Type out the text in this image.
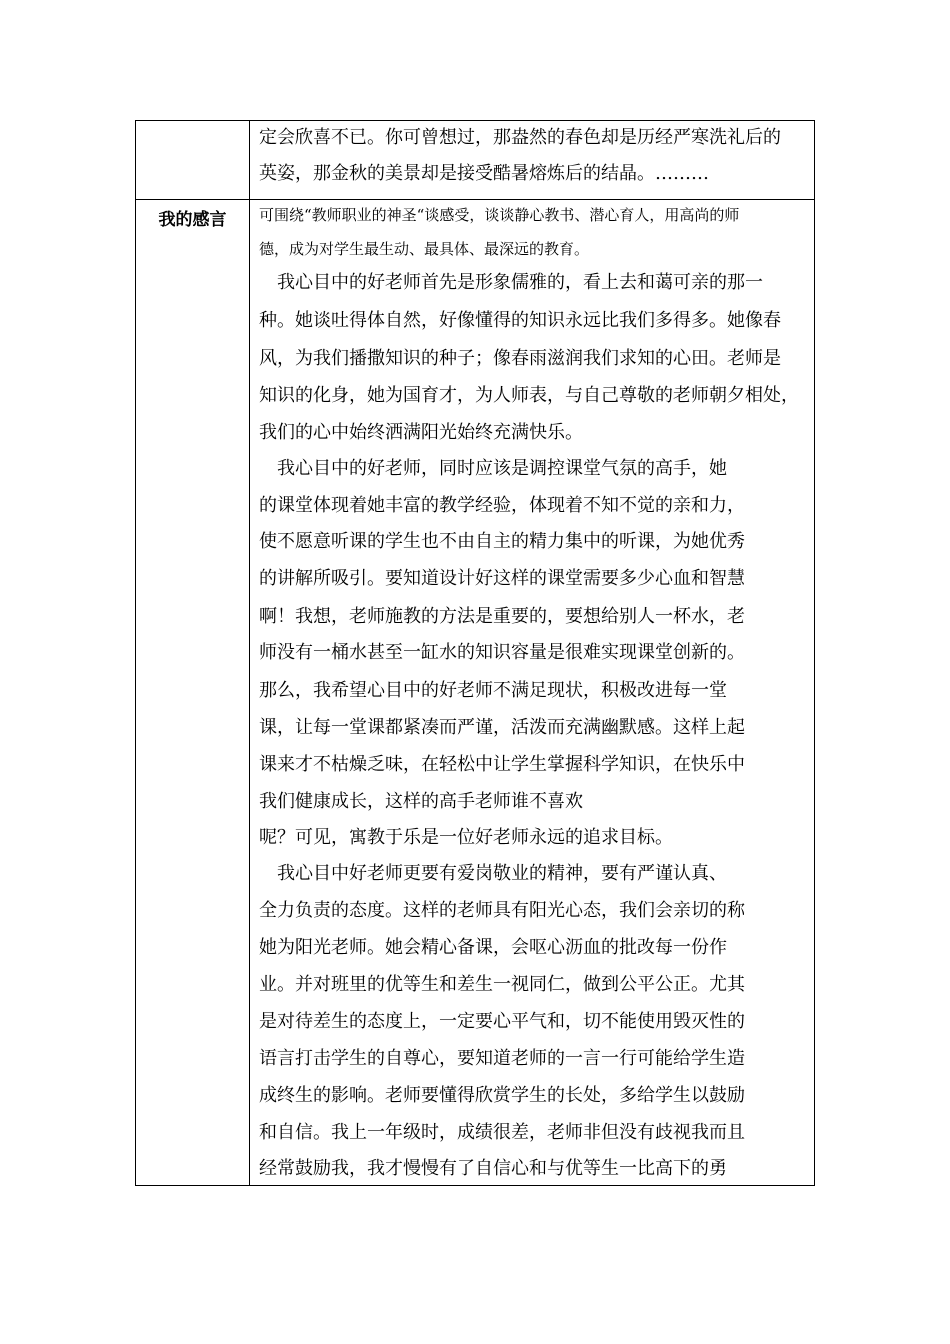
定会欣喜不已。你可曾想过，那盎然的春色却是历经严寒洗礼后的
英姿，那金秋的美景却是接受酷暑熔炼后的结晶。………
我的感言	可围绕“教师职业的神圣“谈感受，谈谈静心教书、潜心育人，用高尚的师
德，成为对学生最生动、最具体、最深远的教育。
　我心目中的好老师首先是形象儒雅的，看上去和蔼可亲的那一
种。她谈吐得体自然，好像懂得的知识永远比我们多得多。她像春
风，为我们播撒知识的种子；像春雨滋润我们求知的心田。老师是
知识的化身，她为国育才，为人师表，与自己尊敬的老师朝夕相处，
我们的心中始终洒满阳光始终充满快乐。
　我心目中的好老师，同时应该是调控课堂气氛的高手，她
的课堂体现着她丰富的教学经验，体现着不知不觉的亲和力，
使不愿意听课的学生也不由自主的精力集中的听课，为她优秀
的讲解所吸引。要知道设计好这样的课堂需要多少心血和智慧
啊！我想，老师施教的方法是重要的，要想给别人一杯水，老
师没有一桶水甚至一缸水的知识容量是很难实现课堂创新的。
那么，我希望心目中的好老师不满足现状，积极改进每一堂
课，让每一堂课都紧凑而严谨，活泼而充满幽默感。这样上起
课来才不枯燥乏味，在轻松中让学生掌握科学知识，在快乐中
我们健康成长，这样的高手老师谁不喜欢
呢？可见，寓教于乐是一位好老师永远的追求目标。
　我心目中好老师更要有爱岗敬业的精神，要有严谨认真、
全力负责的态度。这样的老师具有阳光心态，我们会亲切的称
她为阳光老师。她会精心备课，会呕心沥血的批改每一份作
业。并对班里的优等生和差生一视同仁，做到公平公正。尤其
是对待差生的态度上，一定要心平气和，切不能使用毁灭性的
语言打击学生的自尊心，要知道老师的一言一行可能给学生造
成终生的影响。老师要懂得欣赏学生的长处，多给学生以鼓励
和自信。我上一年级时，成绩很差，老师非但没有歧视我而且
经常鼓励我，我才慢慢有了自信心和与优等生一比高下的勇
